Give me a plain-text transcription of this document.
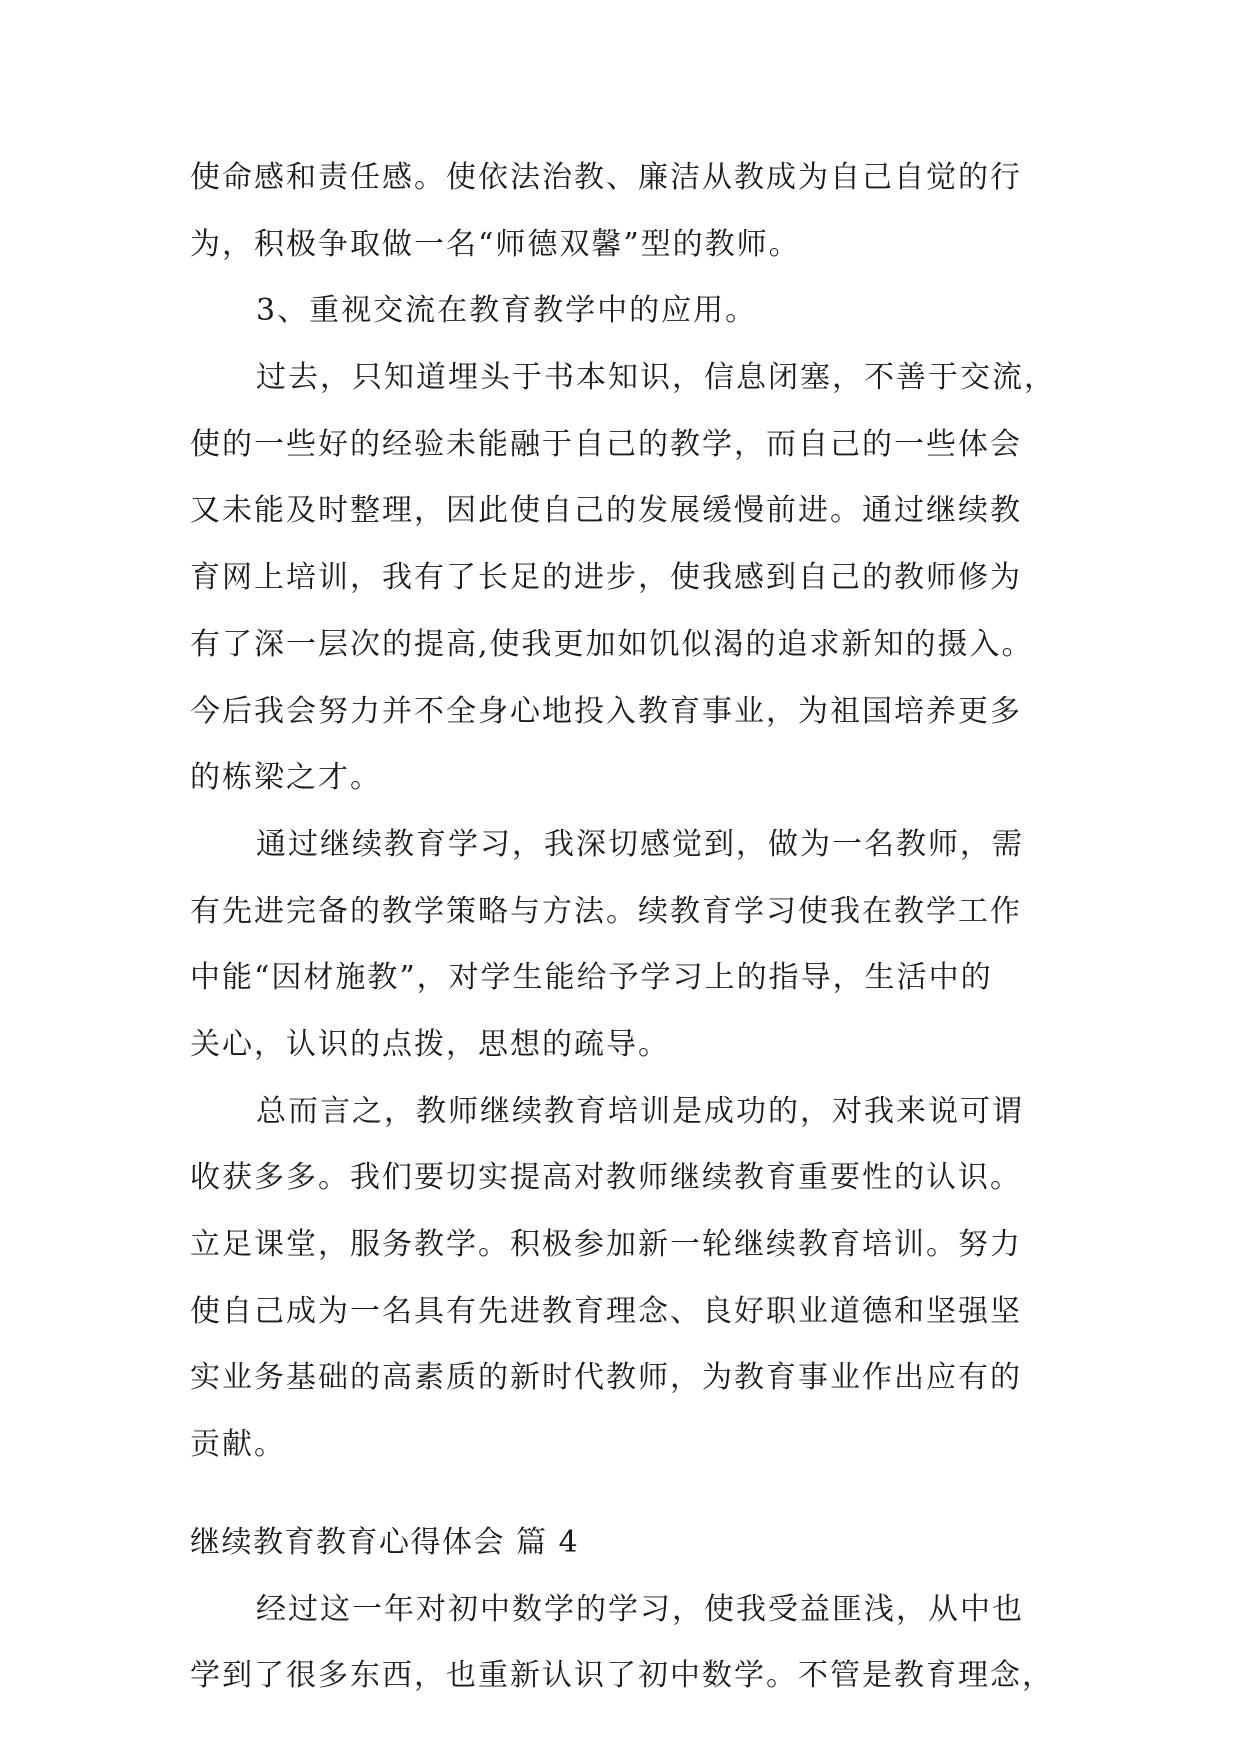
使命感和责任感。使依法治教、廉洁从教成为自己自觉的行
为，积极争取做一名“师德双馨”型的教师。
3、重视交流在教育教学中的应用。
过去，只知道埋头于书本知识，信息闭塞，不善于交流，
使的一些好的经验未能融于自己的教学，而自己的一些体会
又未能及时整理，因此使自己的发展缓慢前进。通过继续教
育网上培训，我有了长足的进步，使我感到自己的教师修为
有了深一层次的提高,使我更加如饥似渴的追求新知的摄入。
今后我会努力并不全身心地投入教育事业，为祖国培养更多
的栋梁之才。
通过继续教育学习，我深切感觉到，做为一名教师，需
有先进完备的教学策略与方法。续教育学习使我在教学工作
中能“因材施教”，对学生能给予学习上的指导，生活中的
关心，认识的点拨，思想的疏导。
总而言之，教师继续教育培训是成功的，对我来说可谓
收获多多。我们要切实提高对教师继续教育重要性的认识。
立足课堂，服务教学。积极参加新一轮继续教育培训。努力
使自己成为一名具有先进教育理念、良好职业道德和坚强坚
实业务基础的高素质的新时代教师，为教育事业作出应有的
贡献。
继续教育教育心得体会 篇 4
经过这一年对初中数学的学习，使我受益匪浅，从中也
学到了很多东西，也重新认识了初中数学。不管是教育理念，
